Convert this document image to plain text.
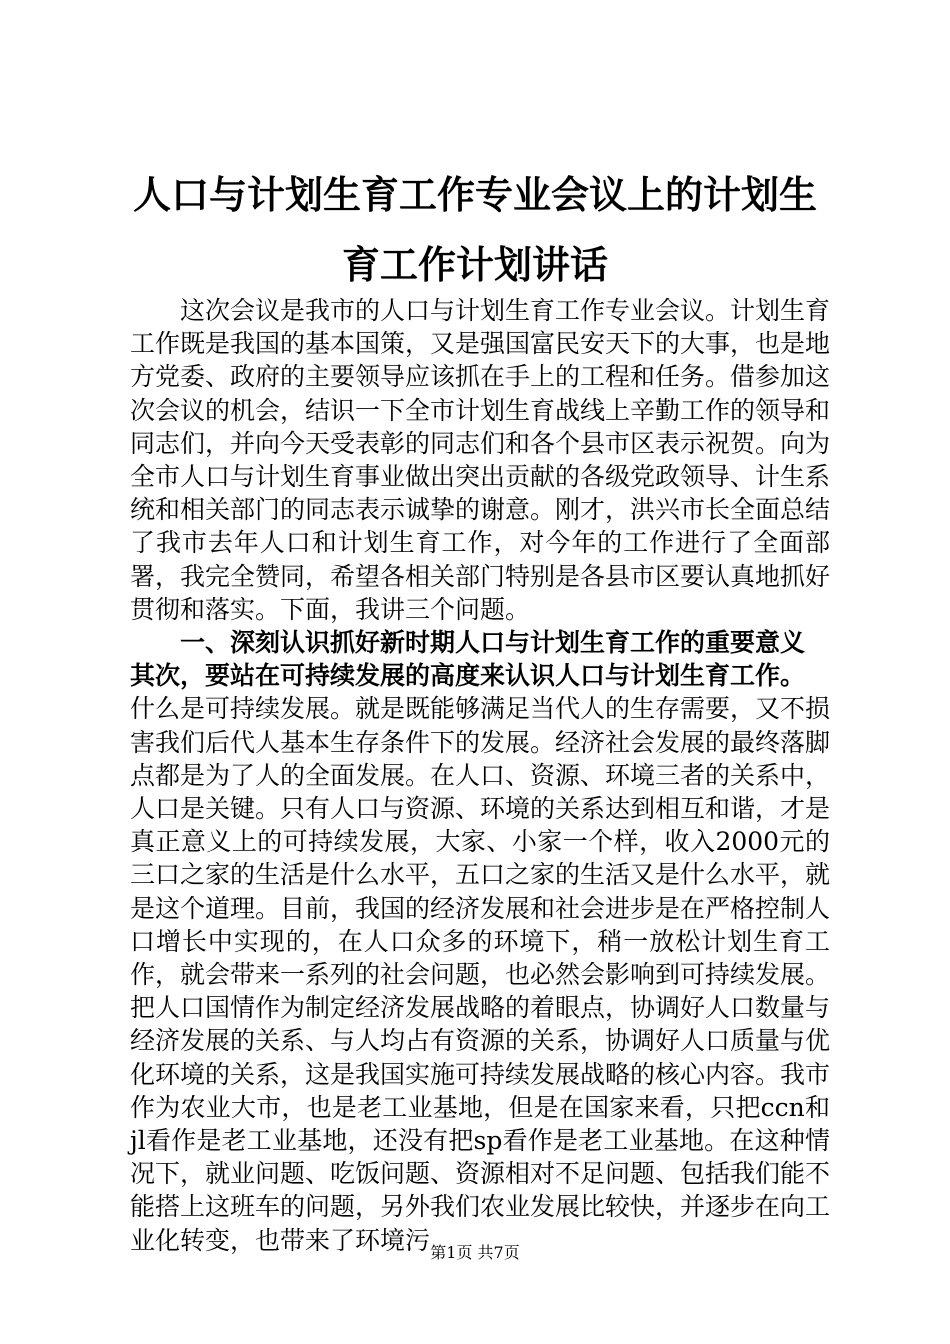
人口与计划生育工作专业会议上的计划生育工作计划讲话

这次会议是我市的人口与计划生育工作专业会议。计划生育工作既是我国的基本国策，又是强国富民安天下的大事，也是地方党委、政府的主要领导应该抓在手上的工程和任务。借参加这次会议的机会，结识一下全市计划生育战线上辛勤工作的领导和同志们，并向今天受表彰的同志们和各个县市区表示祝贺。向为全市人口与计划生育事业做出突出贡献的各级党政领导、计生系统和相关部门的同志表示诚挚的谢意。刚才，洪兴市长全面总结了我市去年人口和计划生育工作，对今年的工作进行了全面部署，我完全赞同，希望各相关部门特别是各县市区要认真地抓好贯彻和落实。下面，我讲三个问题。

一、深刻认识抓好新时期人口与计划生育工作的重要意义

其次，要站在可持续发展的高度来认识人口与计划生育工作。

什么是可持续发展。就是既能够满足当代人的生存需要，又不损害我们后代人基本生存条件下的发展。经济社会发展的最终落脚点都是为了人的全面发展。在人口、资源、环境三者的关系中，人口是关键。只有人口与资源、环境的关系达到相互和谐，才是真正意义上的可持续发展，大家、小家一个样，收入2000元的三口之家的生活是什么水平，五口之家的生活又是什么水平，就是这个道理。目前，我国的经济发展和社会进步是在严格控制人口增长中实现的，在人口众多的环境下，稍一放松计划生育工作，就会带来一系列的社会问题，也必然会影响到可持续发展。把人口国情作为制定经济发展战略的着眼点，协调好人口数量与经济发展的关系、与人均占有资源的关系，协调好人口质量与优化环境的关系，这是我国实施可持续发展战略的核心内容。我市作为农业大市，也是老工业基地，但是在国家来看，只把ccn和jl看作是老工业基地，还没有把sp看作是老工业基地。在这种情况下，就业问题、吃饭问题、资源相对不足问题、包括我们能不能搭上这班车的问题，另外我们农业发展比较快，并逐步在向工业化转变，也带来了环境污 第1页 共7页
